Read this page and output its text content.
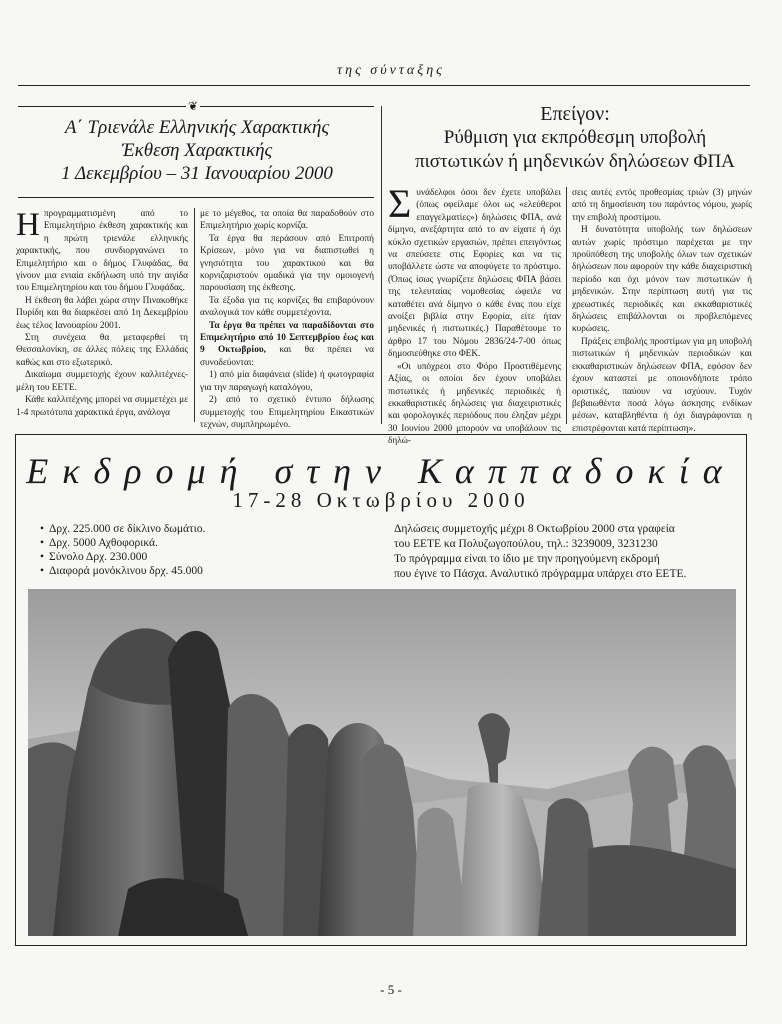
της σύνταξης
❦
Α΄ Τριενάλε Ελληνικής Χαρακτικής
Έκθεση Χαρακτικής
1 Δεκεμβρίου – 31 Ιανουαρίου 2000

Ηπρογραμματισμένη από το Επιμελητήριο έκθεση χαρακτικής και η πρώτη τριενάλε ελληνικής χαρακτικής, που συνδιοργανώνει το Επιμελητήριο και ο δήμος Γλυφάδας, θα γίνουν μια ενιαία εκδήλωση υπό την αιγίδα του Επιμελητηρίου και του δήμου Γλυφάδας.

Η έκθεση θα λάβει χώρα στην Πινακοθήκε Πυρίδη και θα διαρκέσει από 1η Δεκεμβρίου έως τέλος Ιανουαρίου 2001.

Στη συνέχεια θα μεταφερθεί τη Θεσσαλονίκη, σε άλλες πόλεις της Ελλάδας καθώς και στο εξωτερικό.

Δικαίωμα συμμετοχής έχουν καλλιτέχνες-μέλη του ΕΕΤΕ.

Κάθε καλλιτέχνης μπορεί να συμμετέχει με 1-4 πρωτότυπα χαρακτικά έργα, ανάλογα

με το μέγεθος, τα οποία θα παραδοθούν στο Επιμελητήριο χωρίς κορνίζα.

Τα έργα θα περάσουν από Επιτροπή Κρίσεων, μόνο για να διαπιστωθεί η γνησιότητα του χαρακτικού και θα κορνιζαριστούν ομαδικά για την ομοιογενή παρουσίαση της έκθεσης.

Τα έξοδα για τις κορνίζες θα επιβαρύνουν αναλογικά τον κάθε συμμετέχοντα.

Τα έργα θα πρέπει να παραδίδονται στο Επιμελητήριο από 10 Σεπτεμβρίου έως και 9 Οκτωβρίου, και θα πρέπει να συνοδεύονται:

1) από μία διαφάνεια (slide) ή φωτογραφία για την παραγωγή καταλόγου,

2) από το σχετικό έντυπο δήλωσης συμμετοχής του Επιμελητηρίου Εικαστικών τεχνών, συμπληρωμένο.

Επείγον:
Ρύθμιση για εκπρόθεσμη υποβολή
πιστωτικών ή μηδενικών δηλώσεων ΦΠΑ

Συνάδελφοι όσοι δεν έχετε υποβάλει (όπως οφείλαμε όλοι ως «ελεύθεροι επαγγελματίες») δηλώσεις ΦΠΑ, ανά δίμηνο, ανεξάρτητα από το αν είχατε ή όχι κύκλο σχετικών εργασιών, πρέπει επειγόντως να σπεύσετε στις Εφορίες και να τις υποβάλλετε ώστε να αποφύγετε το πρόστιμο. (Όπως ίσως γνωρίζετε δηλώσεις ΦΠΑ βάσει της τελευταίας νομοθεσίας ώφειλε να καταθέτει ανά δίμηνο ο κάθε ένας που είχε ανοίξει βιβλία στην Εφορία, είτε ήταν μηδενικές ή πιστωτικές.) Παραθέτουμε το άρθρο 17 του Νόμου 2836/24-7-00 όπως δημοσιεύθηκε στο ΦΕΚ.

«Οι υπόχρεοι στο Φόρο Προστιθέμενης Αξίας, οι οποίοι δεν έχουν υποβάλει πιστωτικές ή μηδενικές περιοδικές ή εκκαθαριστικές δηλώσεις για διαχειριστικές και φορολογικές περιόδους που έληξαν μέχρι 30 Ιουνίου 2000 μπορούν να υποβάλουν τις δηλώ-

σεις αυτές εντός προθεσμίας τριών (3) μηνών από τη δημοσίευση του παρόντος νόμου, χωρίς την επιβολή προστίμου.

Η δυνατότητα υποβολής των δηλώσεων αυτών χωρίς πρόστιμο παρέχεται με την προϋπόθεση της υποβολής όλων των σχετικών δηλώσεων που αφορούν την κάθε διαχειριστική περίοδο και όχι μόνον των πιστωτικών ή μηδενικών. Στην περίπτωση αυτή για τις χρεωστικές περιοδικές και εκκαθαριστικές δηλώσεις επιβάλλονται οι προβλεπόμενες κυρώσεις.

Πράξεις επιβολής προστίμων για μη υποβολή πιστωτικών ή μηδενικών περιοδικών και εκκαθαριστικών δηλώσεων ΦΠΑ, εφόσον δεν έχουν καταστεί με οποιονδήποτε τρόπο οριστικές, παύουν να ισχύουν. Τυχόν βεβαιωθέντα ποσά λόγω άσκησης ενδίκων μέσων, καταβληθέντα ή όχι διαγράφονται η επιστρέφονται κατά περίπτωση».

Εκδρομή στην Καππαδοκία
17-28 Οκτωβρίου 2000
• Δρχ. 225.000 σε δίκλινο δωμάτιο.
• Δρχ. 5000 Αχθοφορικά.
• Σύνολο Δρχ. 230.000
• Διαφορά μονόκλινου δρχ. 45.000
Δηλώσεις συμμετοχής μέχρι 8 Οκτωβρίου 2000 στα γραφεία
του ΕΕΤΕ κα Πολυζωγοπούλου, τηλ.: 3239009, 3231230
Το πρόγραμμα είναι το ίδιο με την προηγούμενη εκδρομή
που έγινε το Πάσχα. Αναλυτικό πρόγραμμα υπάρχει στο ΕΕΤΕ.
- 5 -
